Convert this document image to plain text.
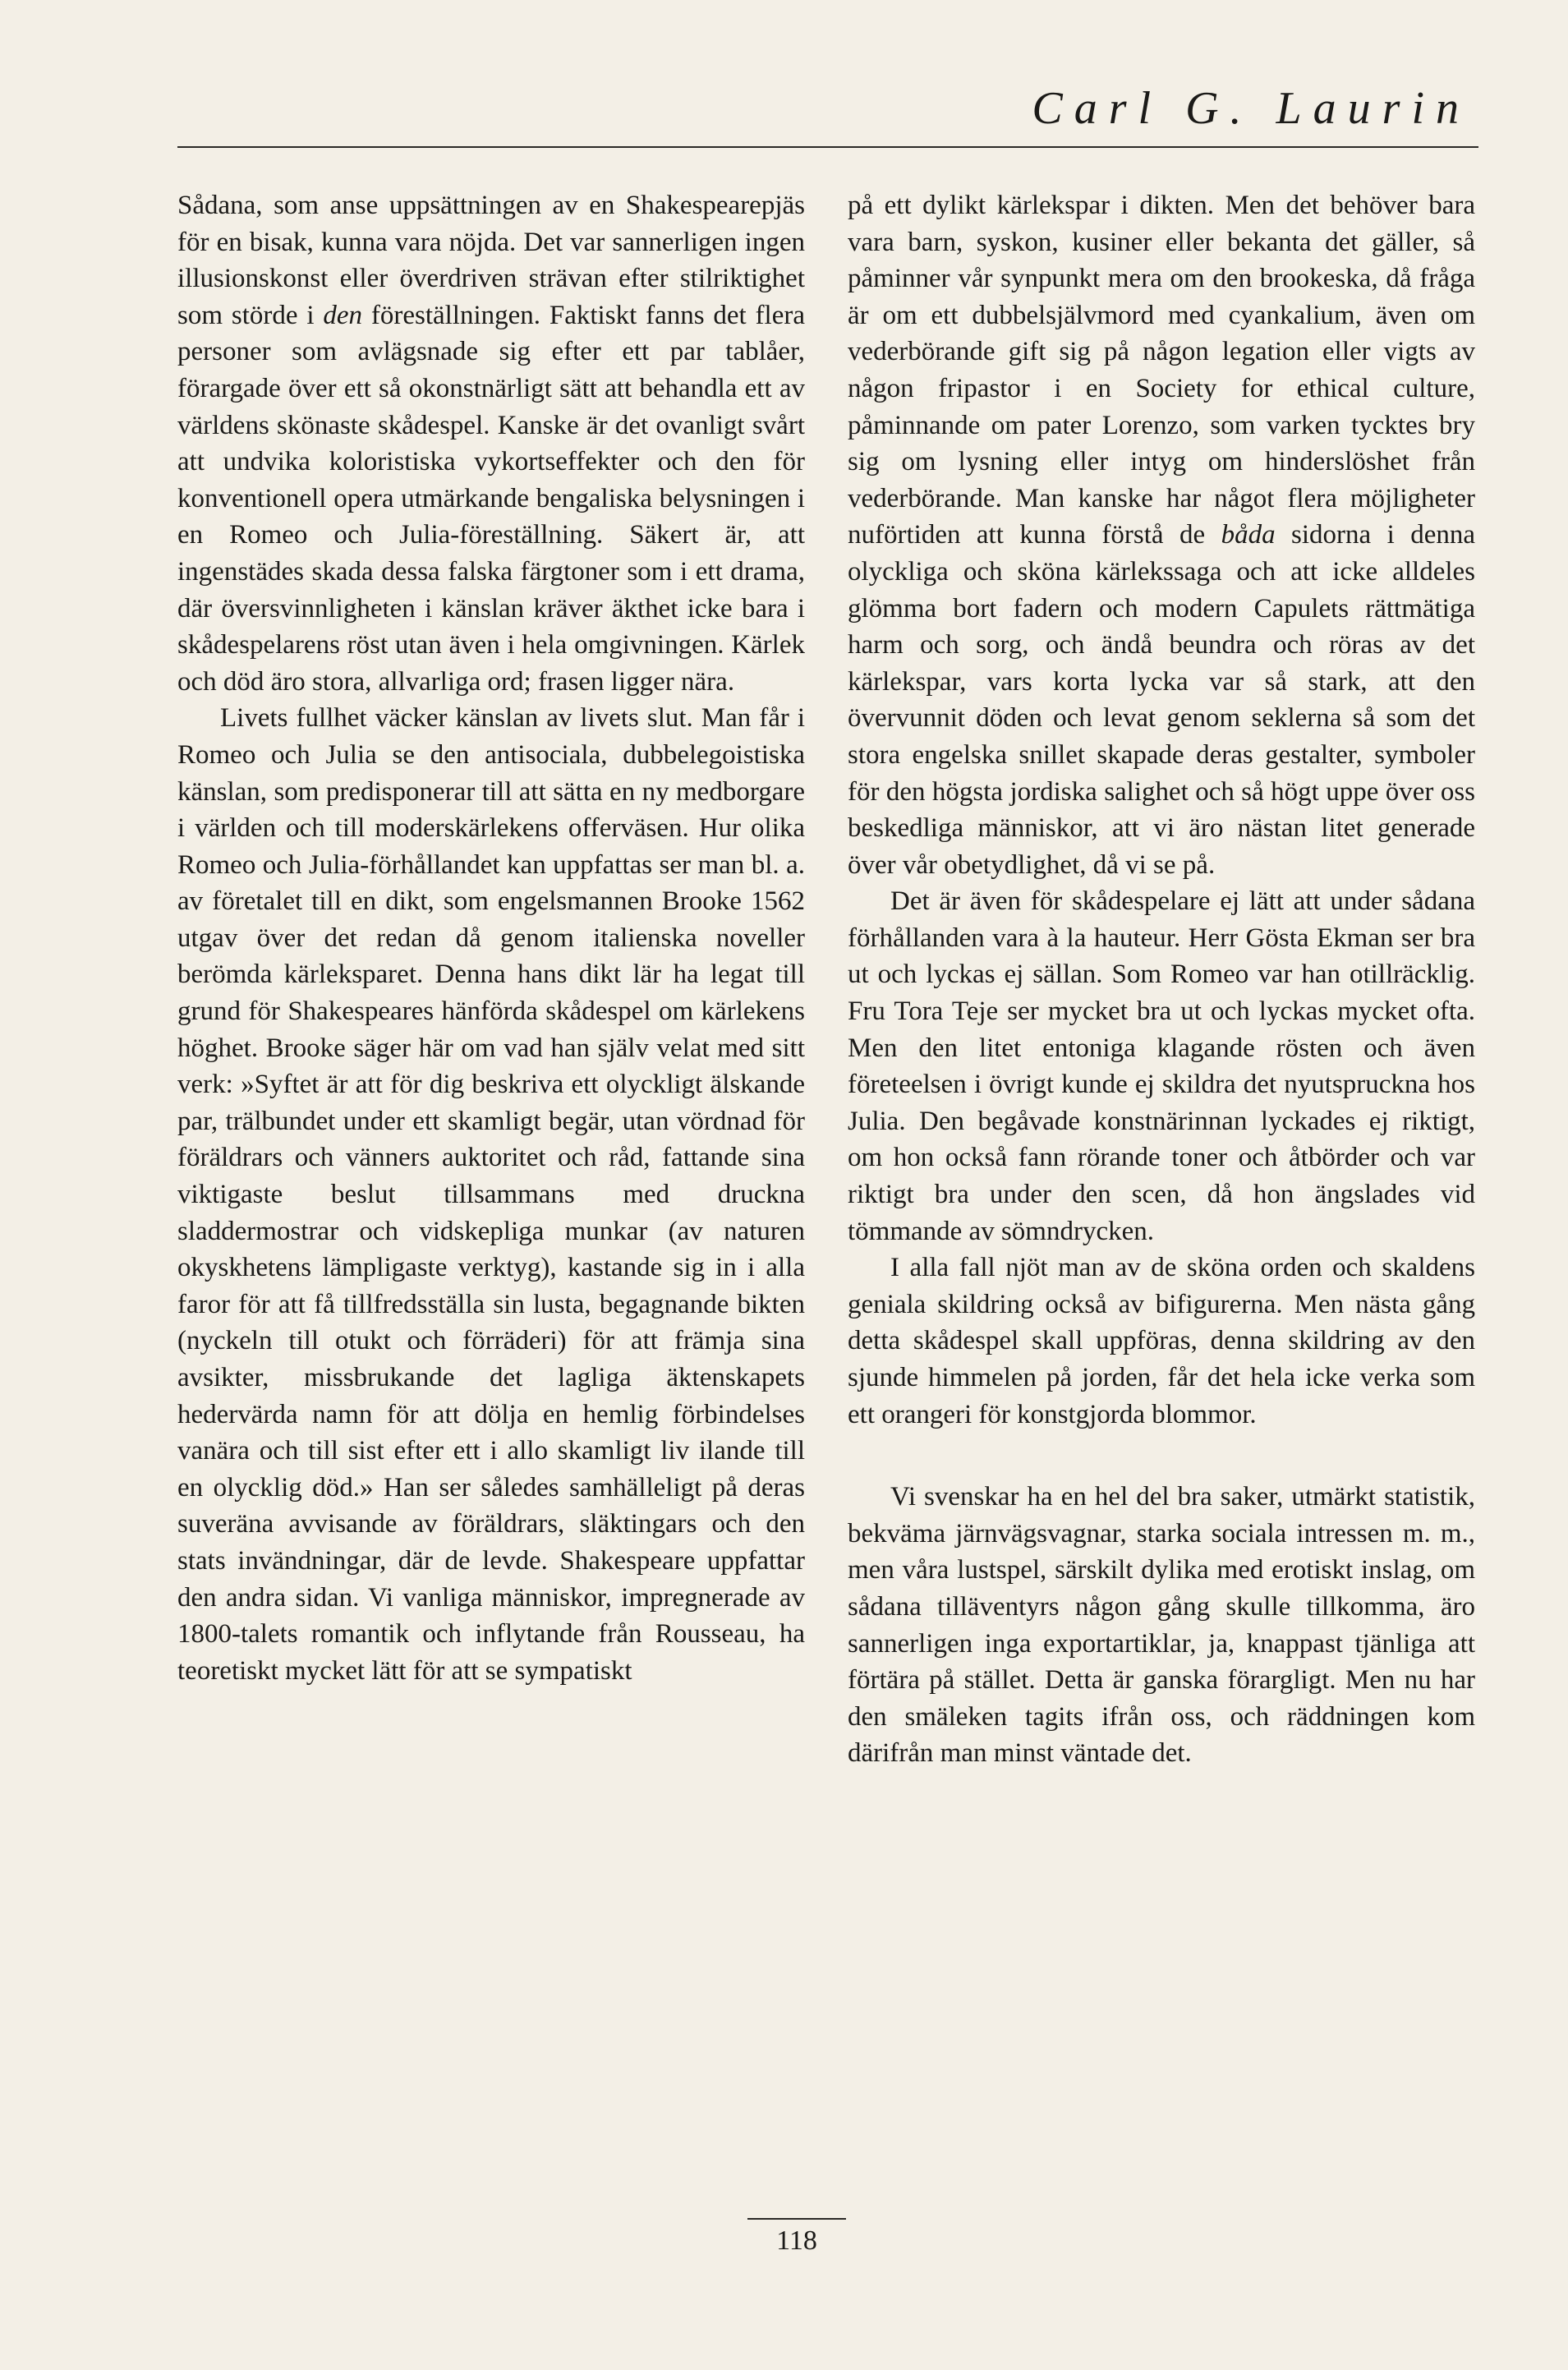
Carl G. Laurin

Sådana, som anse uppsättningen av en Shakespearepjäs för en bisak, kunna vara nöjda. Det var sannerligen ingen illusionskonst eller överdriven strävan efter stilriktighet som störde i den föreställningen. Faktiskt fanns det flera personer som avlägsnade sig efter ett par tablåer, förargade över ett så okonstnärligt sätt att behandla ett av världens skönaste skådespel. Kanske är det ovanligt svårt att undvika koloristiska vykortseffekter och den för konventionell opera utmärkande bengaliska belysningen i en Romeo och Julia-föreställning. Säkert är, att ingenstädes skada dessa falska färgtoner som i ett drama, där översvinnligheten i känslan kräver äkthet icke bara i skådespelarens röst utan även i hela omgivningen. Kärlek och död äro stora, allvarliga ord; frasen ligger nära.

Livets fullhet väcker känslan av livets slut. Man får i Romeo och Julia se den antisociala, dubbelegoistiska känslan, som predisponerar till att sätta en ny medborgare i världen och till moderskärlekens offerväsen. Hur olika Romeo och Julia-förhållandet kan uppfattas ser man bl. a. av företalet till en dikt, som engelsmannen Brooke 1562 utgav över det redan då genom italienska noveller berömda kärleksparet. Denna hans dikt lär ha legat till grund för Shakespeares hänförda skådespel om kärlekens höghet. Brooke säger här om vad han själv velat med sitt verk: »Syftet är att för dig beskriva ett olyckligt älskande par, trälbundet under ett skamligt begär, utan vördnad för föräldrars och vänners auktoritet och råd, fattande sina viktigaste beslut tillsammans med druckna sladdermostrar och vidskepliga munkar (av naturen okyskhetens lämpligaste verktyg), kastande sig in i alla faror för att få tillfredsställa sin lusta, begagnande bikten (nyckeln till otukt och förräderi) för att främja sina avsikter, missbrukande det lagliga äktenskapets hedervärda namn för att dölja en hemlig förbindelses vanära och till sist efter ett i allo skamligt liv ilande till en olycklig död.» Han ser således samhälleligt på deras suveräna avvisande av föräldrars, släktingars och den stats invändningar, där de levde. Shakespeare uppfattar den andra sidan. Vi vanliga människor, impregnerade av 1800-talets romantik och inflytande från Rousseau, ha teoretiskt mycket lätt för att se sympatiskt

på ett dylikt kärlekspar i dikten. Men det behöver bara vara barn, syskon, kusiner eller bekanta det gäller, så påminner vår synpunkt mera om den brookeska, då fråga är om ett dubbelsjälvmord med cyankalium, även om vederbörande gift sig på någon legation eller vigts av någon fripastor i en Society for ethical culture, påminnande om pater Lorenzo, som varken tycktes bry sig om lysning eller intyg om hinderslöshet från vederbörande. Man kanske har något flera möjligheter nuförtiden att kunna förstå de båda sidorna i denna olyckliga och sköna kärlekssaga och att icke alldeles glömma bort fadern och modern Capulets rättmätiga harm och sorg, och ändå beundra och röras av det kärlekspar, vars korta lycka var så stark, att den övervunnit döden och levat genom seklerna så som det stora engelska snillet skapade deras gestalter, symboler för den högsta jordiska salighet och så högt uppe över oss beskedliga människor, att vi äro nästan litet generade över vår obetydlighet, då vi se på.

Det är även för skådespelare ej lätt att under sådana förhållanden vara à la hauteur. Herr Gösta Ekman ser bra ut och lyckas ej sällan. Som Romeo var han otillräcklig. Fru Tora Teje ser mycket bra ut och lyckas mycket ofta. Men den litet entoniga klagande rösten och även företeelsen i övrigt kunde ej skildra det nyutspruckna hos Julia. Den begåvade konstnärinnan lyckades ej riktigt, om hon också fann rörande toner och åtbörder och var riktigt bra under den scen, då hon ängslades vid tömmande av sömndrycken.

I alla fall njöt man av de sköna orden och skaldens geniala skildring också av bifigurerna. Men nästa gång detta skådespel skall uppföras, denna skildring av den sjunde himmelen på jorden, får det hela icke verka som ett orangeri för konstgjorda blommor.

Vi svenskar ha en hel del bra saker, utmärkt statistik, bekväma järnvägsvagnar, starka sociala intressen m. m., men våra lustspel, särskilt dylika med erotiskt inslag, om sådana tilläventyrs någon gång skulle tillkomma, äro sannerligen inga exportartiklar, ja, knappast tjänliga att förtära på stället. Detta är ganska förargligt. Men nu har den smäleken tagits ifrån oss, och räddningen kom därifrån man minst väntade det.

118
